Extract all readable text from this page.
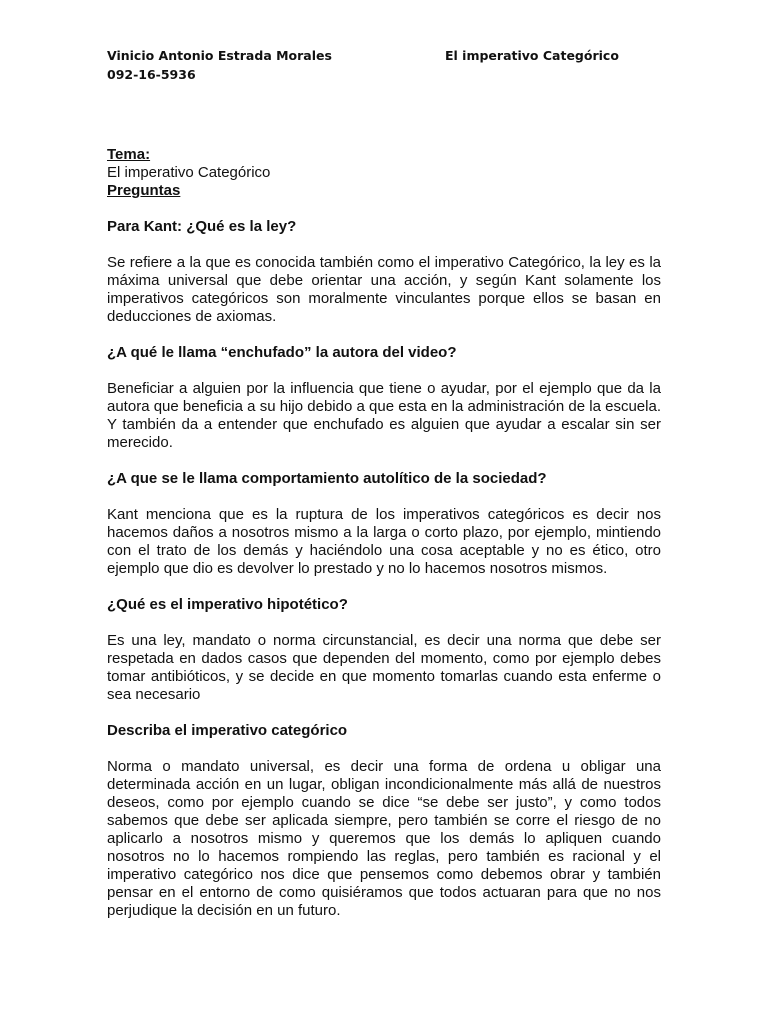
Vinicio Antonio Estrada Morales
092-16-5936
El imperativo Categórico

Tema:

El imperativo Categórico

Preguntas

Para Kant: ¿Qué es la ley?

Se refiere a la que es conocida también como el imperativo Categórico, la ley es la máxima universal que debe orientar una acción, y según Kant solamente los imperativos categóricos son moralmente vinculantes porque ellos se basan en deducciones de axiomas.

¿A qué le llama “enchufado” la autora del video?

Beneficiar a alguien por la influencia que tiene o ayudar, por el ejemplo que da la autora que beneficia a su hijo debido a que esta en la administración de la escuela. Y también da a entender que enchufado es alguien que ayudar a escalar sin ser merecido.

¿A que se le llama comportamiento autolítico de la sociedad?

Kant menciona que es la ruptura de los imperativos categóricos es decir nos hacemos daños a nosotros mismo a la larga o corto plazo, por ejemplo, mintiendo con el trato de los demás y haciéndolo una cosa aceptable y no es ético, otro ejemplo que dio es devolver lo prestado y no lo hacemos nosotros mismos.

¿Qué es el imperativo hipotético?

Es una ley, mandato o norma circunstancial, es decir una norma que debe ser respetada en dados casos que dependen del momento, como por ejemplo debes tomar antibióticos, y se decide en que momento tomarlas cuando esta enferme o sea necesario

Describa el imperativo categórico

Norma o mandato universal, es decir una forma de ordena u obligar una determinada acción en un lugar, obligan incondicionalmente más allá de nuestros deseos, como por ejemplo cuando se dice “se debe ser justo”, y como todos sabemos que debe ser aplicada siempre, pero también se corre el riesgo de no aplicarlo a nosotros mismo y queremos que los demás lo apliquen cuando nosotros no lo hacemos rompiendo las reglas, pero también es racional y el imperativo categórico nos dice que pensemos como debemos obrar y también pensar en el entorno de como quisiéramos que todos actuaran para que no nos perjudique la decisión en un futuro.
